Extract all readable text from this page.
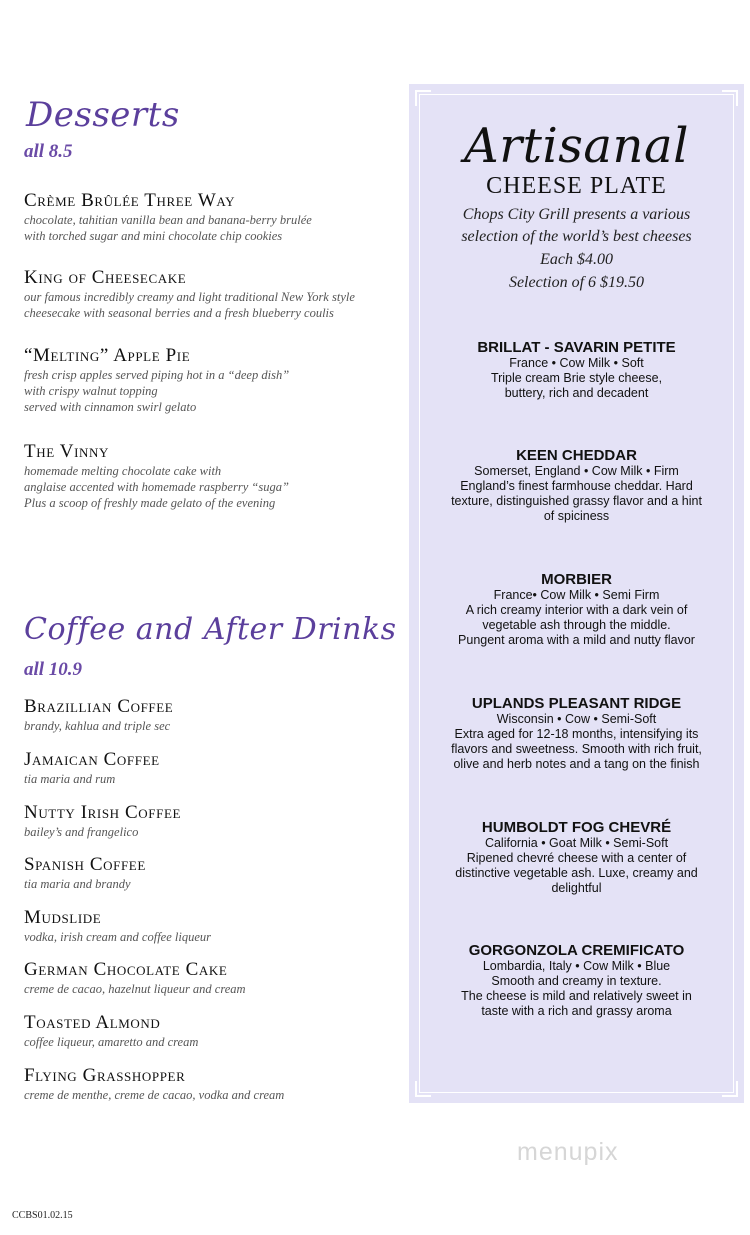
Desserts
all 8.5
Crème Brûlée Three Way
chocolate, tahitian vanilla bean and banana-berry brulée
with torched sugar and mini chocolate chip cookies
King of Cheesecake
our famous incredibly creamy and light traditional New York style
cheesecake with seasonal berries and a fresh blueberry coulis
“Melting” Apple Pie
fresh crisp apples served piping hot in a “deep dish”
with crispy walnut topping
served with cinnamon swirl gelato
The Vinny
homemade melting chocolate cake with
anglaise accented with homemade raspberry “suga”
Plus a scoop of freshly made gelato of the evening
Coffee and After Drinks
all 10.9
Brazillian Coffee
brandy, kahlua and triple sec
Jamaican Coffee
tia maria and rum
Nutty Irish Coffee
bailey’s and frangelico
Spanish Coffee
tia maria and brandy
Mudslide
vodka, irish cream and coffee liqueur
German Chocolate Cake
creme de cacao, hazelnut liqueur and cream
Toasted Almond
coffee liqueur, amaretto and cream
Flying Grasshopper
creme de menthe, creme de cacao, vodka and cream
Artisanal
CHEESE PLATE
Chops City Grill presents a various
selection of the world’s best cheeses
Each $4.00
Selection of 6 $19.50
BRILLAT - SAVARIN PETITE
France • Cow Milk • Soft
Triple cream Brie style cheese,
buttery, rich and decadent
KEEN CHEDDAR
Somerset, England • Cow Milk • Firm
England’s finest farmhouse cheddar. Hard
texture, distinguished grassy flavor and a hint
of spiciness
MORBIER
France• Cow Milk • Semi Firm
A rich creamy interior with a dark vein of
vegetable ash through the middle.
Pungent aroma with a mild and nutty flavor
UPLANDS PLEASANT RIDGE
Wisconsin • Cow • Semi-Soft
Extra aged for 12-18 months, intensifying its
flavors and sweetness. Smooth with rich fruit,
olive and herb notes and a tang on the finish
HUMBOLDT FOG CHEVRÉ
California • Goat Milk • Semi-Soft
Ripened chevré cheese with a center of
distinctive vegetable ash. Luxe, creamy and
delightful
GORGONZOLA CREMIFICATO
Lombardia, Italy • Cow Milk • Blue
Smooth and creamy in texture.
The cheese is mild and relatively sweet in
taste with a rich and grassy aroma
menupix
CCBS01.02.15
